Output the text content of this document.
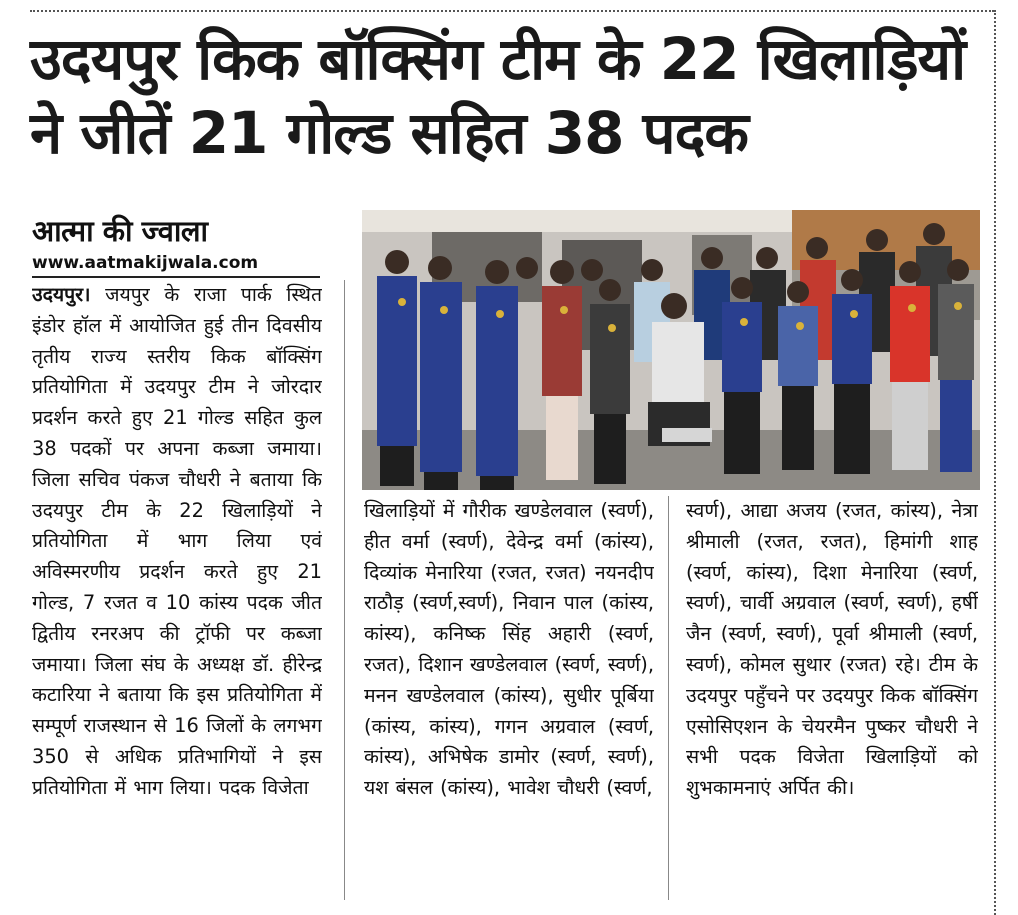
उदयपुर किक बॉक्सिंग टीम के 22 खिलाड़ियों
ने जीतें 21 गोल्ड सहित 38 पदक
आत्मा की ज्वाला
www.aatmakijwala.com
उदयपुर। जयपुर के राजा पार्क स्थित इंडोर हॉल में आयोजित हुई तीन दिवसीय तृतीय राज्य स्तरीय किक बॉक्सिंग प्रतियोगिता में उदयपुर टीम ने जोरदार प्रदर्शन करते हुए 21 गोल्ड सहित कुल 38 पदकों पर अपना कब्जा जमाया। जिला सचिव पंकज चौधरी ने बताया कि उदयपुर टीम के 22 खिलाड़ियों ने प्रतियोगिता में भाग लिया एवं अविस्मरणीय प्रदर्शन करते हुए 21 गोल्ड, 7 रजत व 10 कांस्य पदक जीत द्वितीय रनरअप की ट्रॉफी पर कब्जा जमाया। जिला संघ के अध्यक्ष डॉ. हीरेन्द्र कटारिया ने बताया कि इस प्रतियोगिता में सम्पूर्ण राजस्थान से 16 जिलों के लगभग 350 से अधिक प्रतिभागियों ने इस प्रतियोगिता में भाग लिया। पदक विजेता
खिलाड़ियों में गौरीक खण्डेलवाल (स्वर्ण), हीत वर्मा (स्वर्ण), देवेन्द्र वर्मा (कांस्य), दिव्यांक मेनारिया (रजत, रजत) नयनदीप राठौड़ (स्वर्ण,स्वर्ण), निवान पाल (कांस्य, कांस्य), कनिष्क सिंह अहारी (स्वर्ण, रजत), दिशान खण्डेलवाल (स्वर्ण, स्वर्ण), मनन खण्डेलवाल (कांस्य), सुधीर पूर्बिया (कांस्य, कांस्य), गगन अग्रवाल (स्वर्ण, कांस्य), अभिषेक डामोर (स्वर्ण, स्वर्ण), यश बंसल (कांस्य), भावेश चौधरी (स्वर्ण,
स्वर्ण), आद्या अजय (रजत, कांस्य), नेत्रा श्रीमाली (रजत, रजत), हिमांगी शाह (स्वर्ण, कांस्य), दिशा मेनारिया (स्वर्ण, स्वर्ण), चार्वी अग्रवाल (स्वर्ण, स्वर्ण), हर्षी जैन (स्वर्ण, स्वर्ण), पूर्वा श्रीमाली (स्वर्ण, स्वर्ण), कोमल सुथार (रजत) रहे। टीम के उदयपुर पहुँचने पर उदयपुर किक बॉक्सिंग एसोसिएशन के चेयरमैन पुष्कर चौधरी ने सभी पदक विजेता खिलाड़ियों को शुभकामनाएं अर्पित की।
